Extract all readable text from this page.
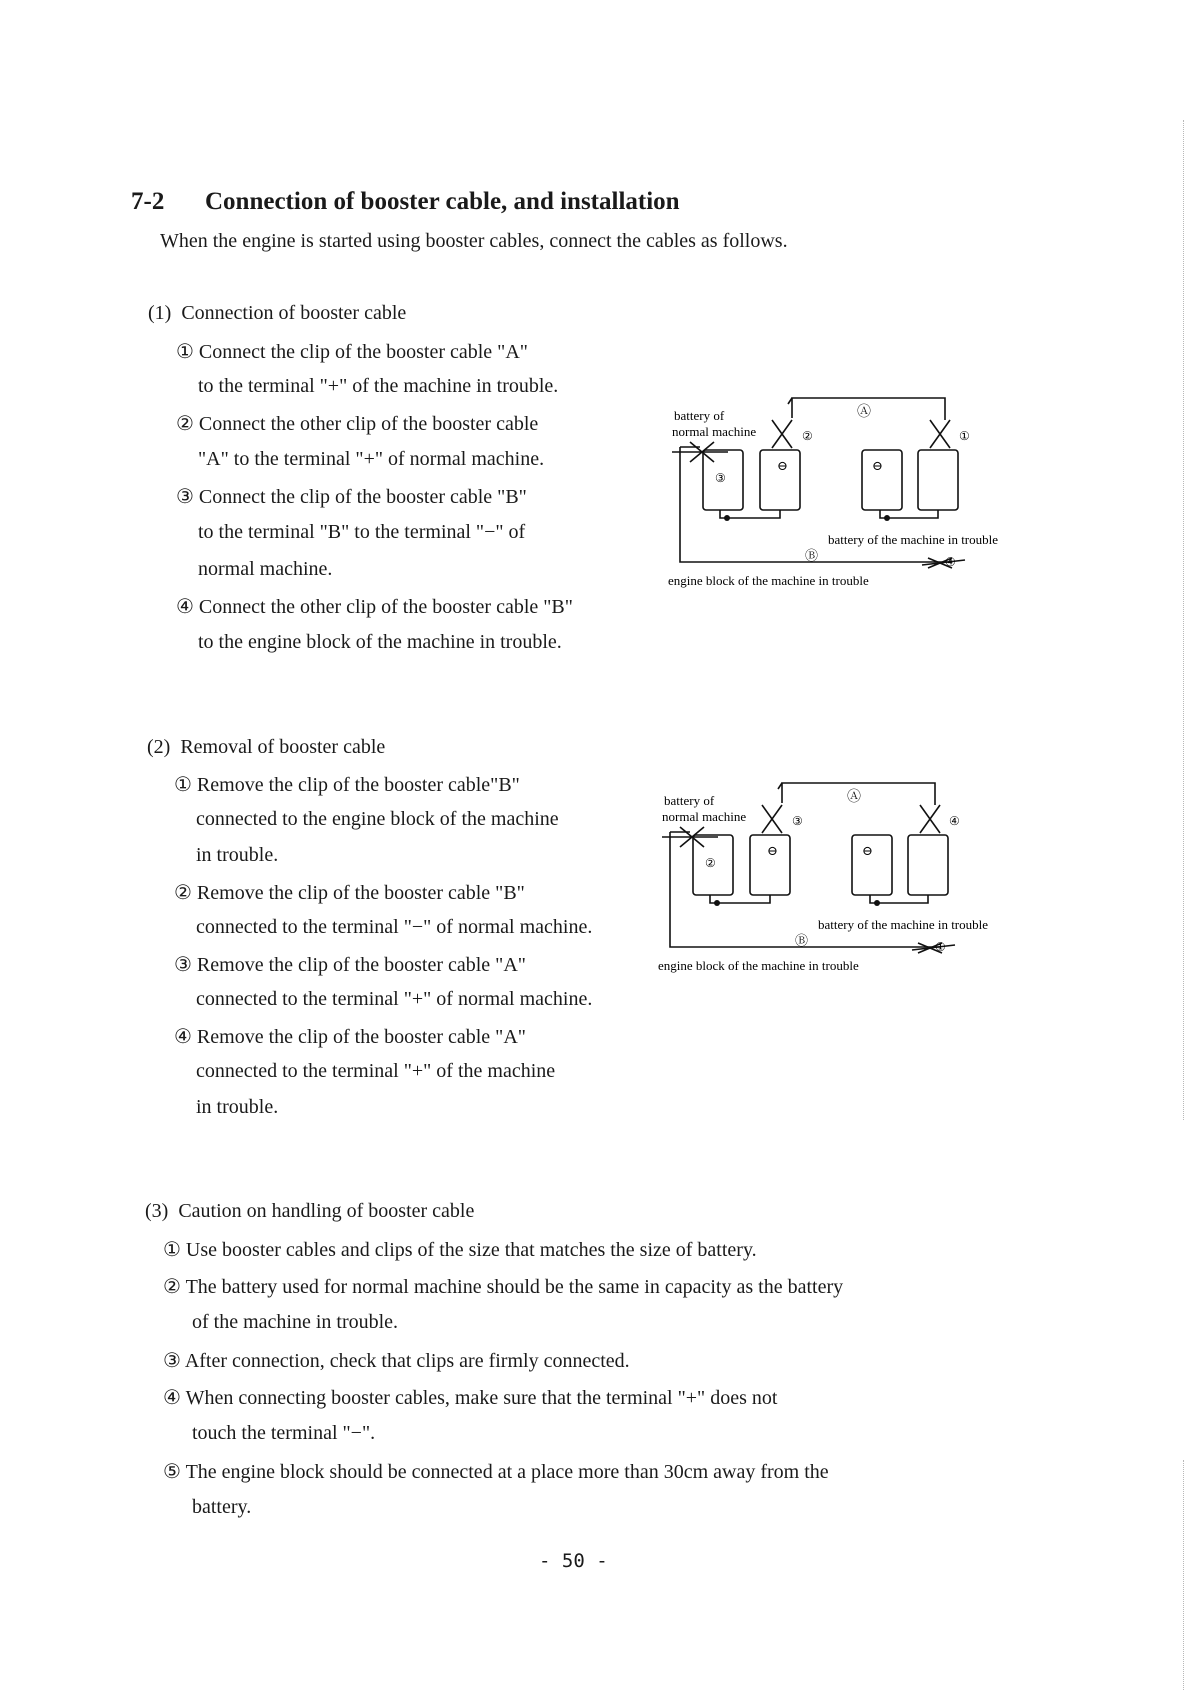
7-2 Connection of booster cable, and installation
When the engine is started using booster cables, connect the cables as follows.
(1)  Connection of booster cable
① Connect the clip of the booster cable "A"
to the terminal "+" of the machine in trouble.
② Connect the other clip of the booster cable
"A" to the terminal "+" of normal machine.
③ Connect the clip of the booster cable "B"
to the terminal "B" to the terminal "−" of
normal machine.
④ Connect the other clip of the booster cable "B"
to the engine block of the machine in trouble.
battery of
normal machine
Ⓐ
②	①
③
⊖
⊖
battery of the machine in trouble
Ⓑ	④
engine block of the machine in trouble
(2)  Removal of booster cable
① Remove the clip of the booster cable"B"
connected to the engine block of the machine
in trouble.
② Remove the clip of the booster cable "B"
connected to the terminal "−" of normal machine.
③ Remove the clip of the booster cable "A"
connected to the terminal "+" of normal machine.
④ Remove the clip of the booster cable "A"
connected to the terminal "+" of the machine
in trouble.
battery of
normal machine
Ⓐ
③	④
②
⊖
⊖
battery of the machine in trouble
Ⓑ	①
engine block of the machine in trouble
(3)  Caution on handling of booster cable
① Use booster cables and clips of the size that matches the size of battery.
② The battery used for normal machine should be the same in capacity as the battery
of the machine in trouble.
③ After connection, check that clips are firmly connected.
④ When connecting booster cables, make sure that the terminal "+" does not
touch the terminal "−".
⑤ The engine block should be connected at a place more than 30cm away from the
battery.
- 50 -
